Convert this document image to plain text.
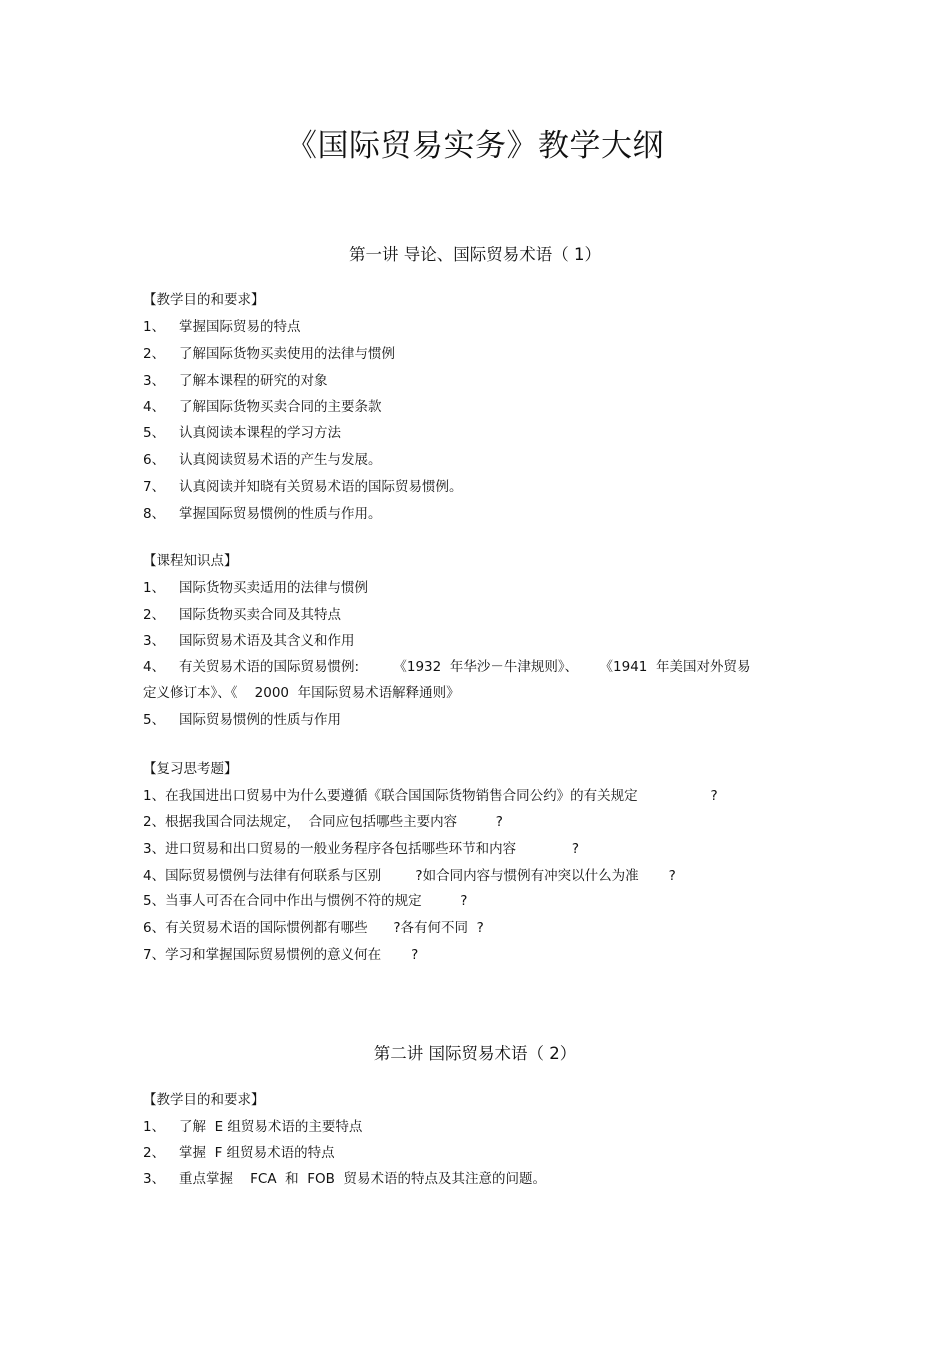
《国际贸易实务》教学大纲
第一讲 导论、国际贸易术语（ 1）
【教学目的和要求】
1、 掌握国际贸易的特点
2、 了解国际货物买卖使用的法律与惯例
3、 了解本课程的研究的对象
4、 了解国际货物买卖合同的主要条款
5、 认真阅读本课程的学习方法
6、 认真阅读贸易术语的产生与发展。
7、 认真阅读并知晓有关贸易术语的国际贸易惯例。
8、 掌握国际贸易惯例的性质与作用。
【课程知识点】
1、 国际货物买卖适用的法律与惯例
2、 国际货物买卖合同及其特点
3、 国际贸易术语及其含义和作用
4、 有关贸易术语的国际贸易惯例:        《1932  年华沙－牛津规则》、     《1941  年美国对外贸易
定义修订本》、《    2000  年国际贸易术语解释通则》
5、 国际贸易惯例的性质与作用
【复习思考题】
1、在我国进出口贸易中为什么要遵循《联合国国际货物销售合同公约》的有关规定                 ?
2、根据我国合同法规定，  合同应包括哪些主要内容         ?
3、进口贸易和出口贸易的一般业务程序各包括哪些环节和内容             ?
4、国际贸易惯例与法律有何联系与区别        ?如合同内容与惯例有冲突以什么为准       ?
5、当事人可否在合同中作出与惯例不符的规定         ?
6、有关贸易术语的国际惯例都有哪些      ?各有何不同  ?
7、学习和掌握国际贸易惯例的意义何在       ?
第二讲 国际贸易术语（ 2）
【教学目的和要求】
1、 了解  E 组贸易术语的主要特点
2、 掌握  F 组贸易术语的特点
3、 重点掌握    FCA  和  FOB  贸易术语的特点及其注意的问题。
